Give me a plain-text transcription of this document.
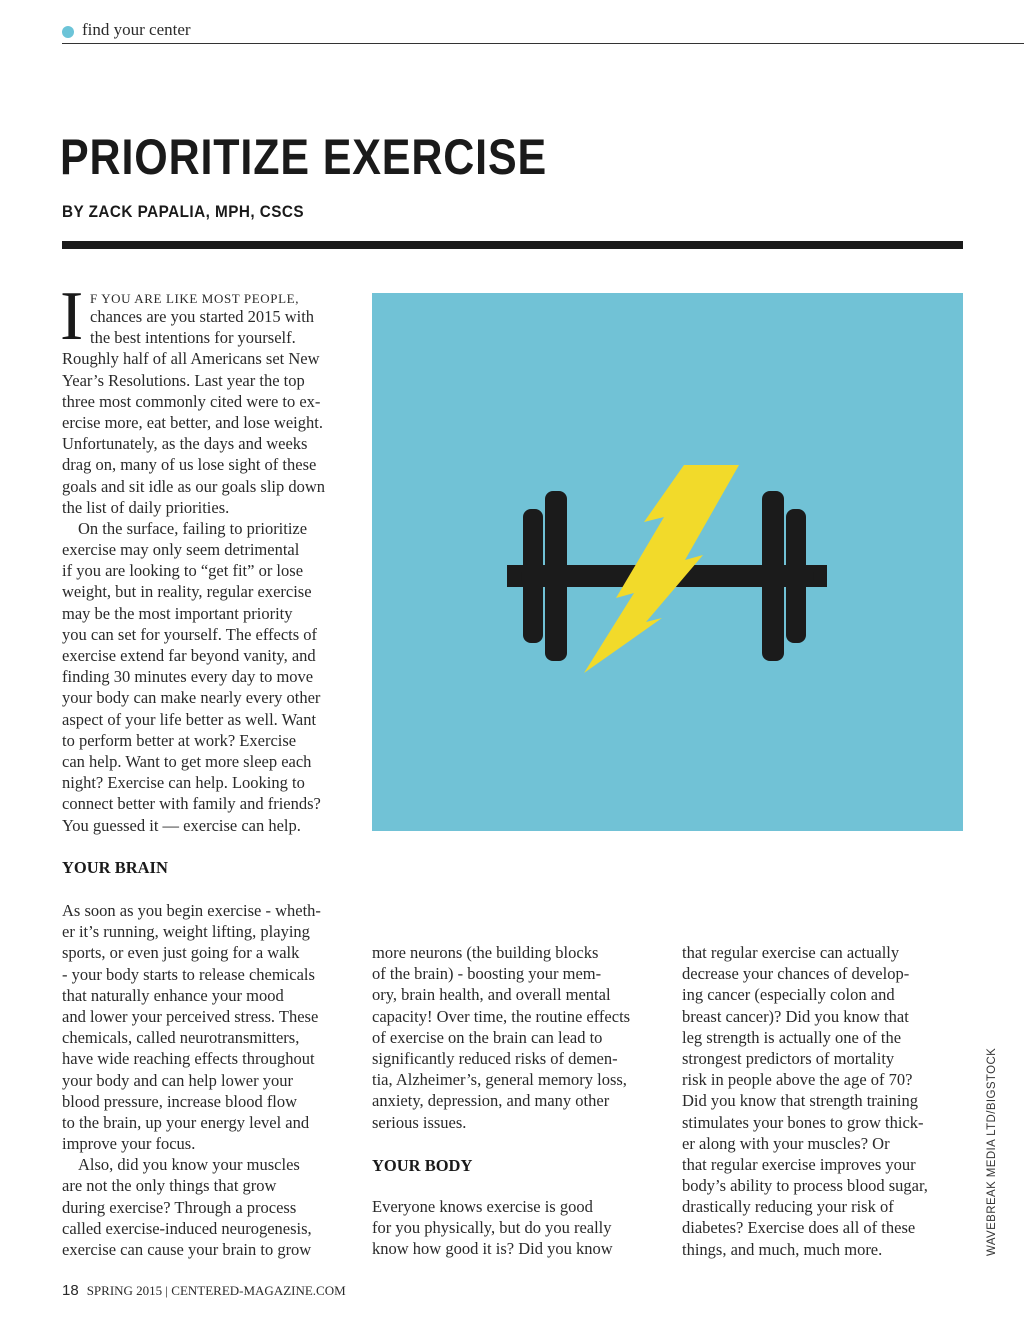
find your center
PRIORITIZE EXERCISE
BY ZACK PAPALIA, MPH, CSCS
I F YOU ARE LIKE MOST PEOPLE,
chances are you started 2015 with
the best intentions for yourself.
Roughly half of all Americans set New
Year’s Resolutions. Last year the top
three most commonly cited were to ex-
ercise more, eat better, and lose weight.
Unfortunately, as the days and weeks
drag on, many of us lose sight of these
goals and sit idle as our goals slip down
the list of daily priorities.
On the surface, failing to prioritize
exercise may only seem detrimental
if you are looking to “get fit” or lose
weight, but in reality, regular exercise
may be the most important priority
you can set for yourself. The effects of
exercise extend far beyond vanity, and
finding 30 minutes every day to move
your body can make nearly every other
aspect of your life better as well. Want
to perform better at work? Exercise
can help. Want to get more sleep each
night? Exercise can help. Looking to
connect better with family and friends?
You guessed it — exercise can help.
YOUR BRAIN
As soon as you begin exercise - wheth-
er it’s running, weight lifting, playing
sports, or even just going for a walk
- your body starts to release chemicals
that naturally enhance your mood
and lower your perceived stress. These
chemicals, called neurotransmitters,
have wide reaching effects throughout
your body and can help lower your
blood pressure, increase blood flow
to the brain, up your energy level and
improve your focus.
Also, did you know your muscles
are not the only things that grow
during exercise? Through a process
called exercise-induced neurogenesis,
exercise can cause your brain to grow
more neurons (the building blocks
of the brain) - boosting your mem-
ory, brain health, and overall mental
capacity! Over time, the routine effects
of exercise on the brain can lead to
significantly reduced risks of demen-
tia, Alzheimer’s, general memory loss,
anxiety, depression, and many other
serious issues.
YOUR BODY
Everyone knows exercise is good
for you physically, but do you really
know how good it is? Did you know
that regular exercise can actually
decrease your chances of develop-
ing cancer (especially colon and
breast cancer)? Did you know that
leg strength is actually one of the
strongest predictors of mortality
risk in people above the age of 70?
Did you know that strength training
stimulates your bones to grow thick-
er along with your muscles? Or
that regular exercise improves your
body’s ability to process blood sugar,
drastically reducing your risk of
diabetes? Exercise does all of these
things, and much, much more.	WAVEBREAK MEDIA LTD/BIGSTOCK
18 SPRING 2015 | CENTERED-MAGAZINE.COM
